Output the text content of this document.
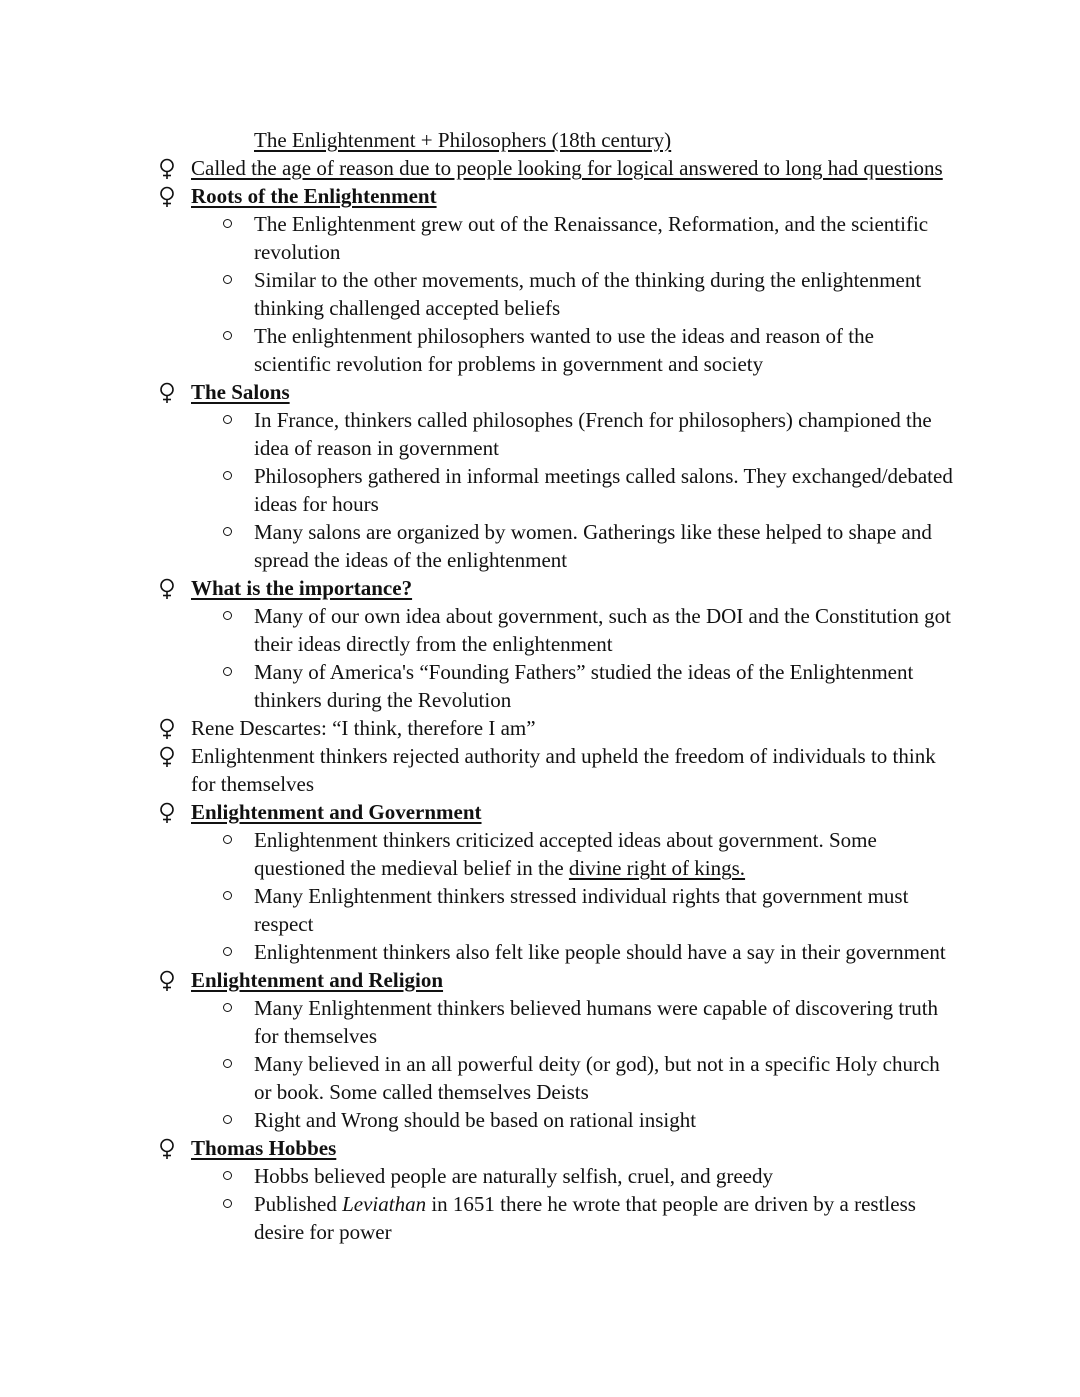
The Enlightenment + Philosophers (18th century)
Called the age of reason due to people looking for logical answered to long had questions
Roots of the Enlightenment
The Enlightenment grew out of the Renaissance, Reformation, and the scientific revolution
Similar to the other movements, much of the thinking during the enlightenment thinking challenged accepted beliefs
The enlightenment philosophers wanted to use the ideas and reason of the scientific revolution for problems in government and society
The Salons
In France, thinkers called philosophes (French for philosophers) championed the idea of reason in government
Philosophers gathered in informal meetings called salons. They exchanged/debated ideas for hours
Many salons are organized by women. Gatherings like these helped to shape and spread the ideas of the enlightenment
What is the importance?
Many of our own idea about government, such as the DOI and the Constitution got their ideas directly from the enlightenment
Many of America's “Founding Fathers” studied the ideas of the Enlightenment thinkers during the Revolution
Rene Descartes: “I think, therefore I am”
Enlightenment thinkers rejected authority and upheld the freedom of individuals to think for themselves
Enlightenment and Government
Enlightenment thinkers criticized accepted ideas about government. Some questioned the medieval belief in the divine right of kings.
Many Enlightenment thinkers stressed individual rights that government must respect
Enlightenment thinkers also felt like people should have a say in their government
Enlightenment and Religion
Many Enlightenment thinkers believed humans were capable of discovering truth for themselves
Many believed in an all powerful deity (or god), but not in a specific Holy church or book. Some called themselves Deists
Right and Wrong should be based on rational insight
Thomas Hobbes
Hobbs believed people are naturally selfish, cruel, and greedy
Published Leviathan in 1651 there he wrote that people are driven by a restless desire for power
